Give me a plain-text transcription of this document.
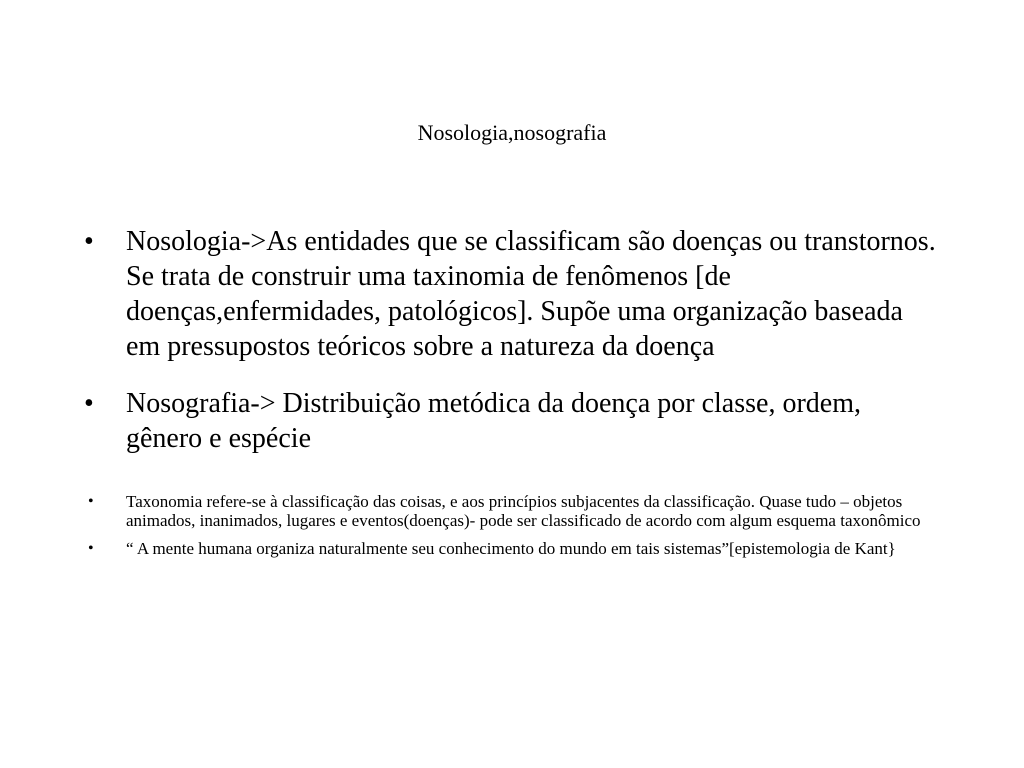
Nosologia,nosografia
• Nosologia->As entidades que se classificam são doenças ou transtornos. Se trata de construir uma taxinomia de fenômenos [de doenças,enfermidades, patológicos]. Supõe uma organização baseada em pressupostos teóricos sobre a natureza da doença
• Nosografia-> Distribuição metódica da doença por classe, ordem, gênero e espécie
• Taxonomia refere-se à classificação das coisas, e aos princípios subjacentes da classificação. Quase tudo – objetos animados, inanimados, lugares e eventos(doenças)- pode ser classificado de acordo com algum esquema taxonômico
• “ A mente humana organiza naturalmente seu conhecimento do mundo em tais sistemas”[epistemologia de Kant}
